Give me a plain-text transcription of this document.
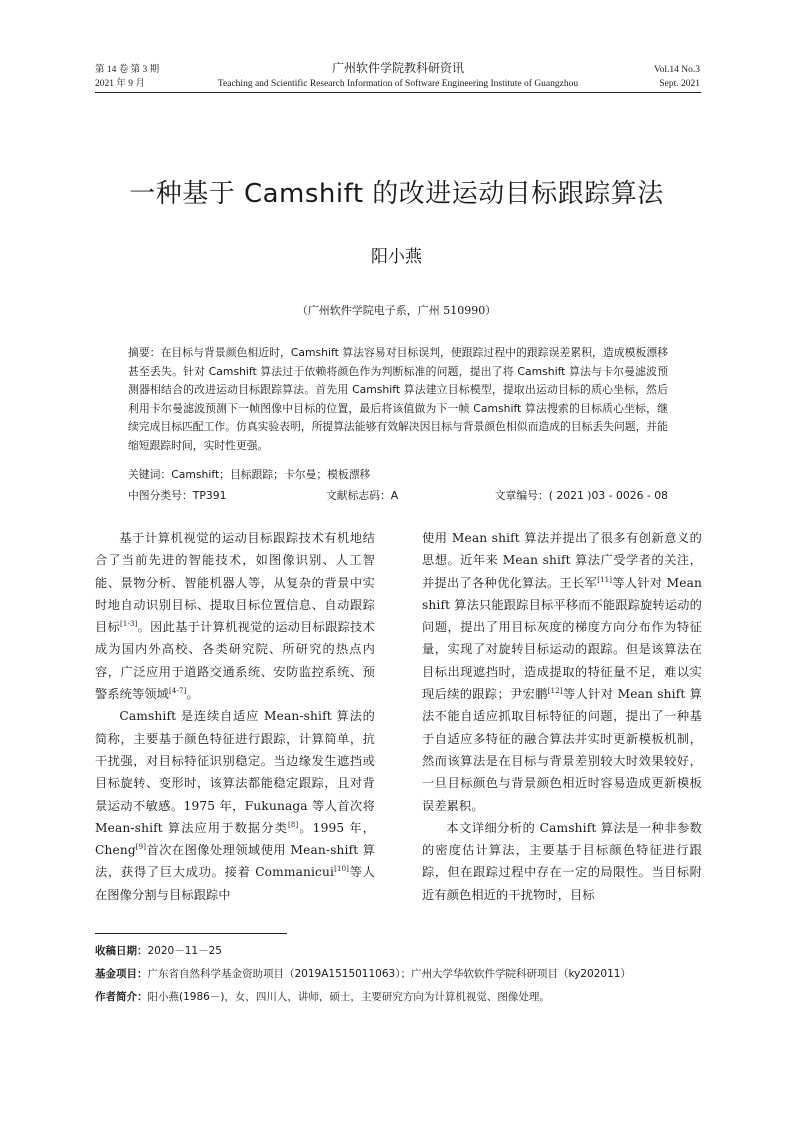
第 14 卷 第 3 期
2021 年 9 月
广州软件学院教科研资讯
Teaching and Scientific Research Information of Software Engineering Institute of Guangzhou
Vol.14 No.3
Sept. 2021
一种基于 Camshift 的改进运动目标跟踪算法
阳小燕
（广州软件学院电子系，广州 510990）
摘要：在目标与背景颜色相近时，Camshift 算法容易对目标误判，使跟踪过程中的跟踪误差累积，造成模板漂移甚至丢失。针对 Camshift 算法过于依赖将颜色作为判断标准的问题，提出了将 Camshift 算法与卡尔曼滤波预测器相结合的改进运动目标跟踪算法。首先用 Camshift 算法建立目标模型，提取出运动目标的质心坐标，然后利用卡尔曼滤波预测下一帧图像中目标的位置，最后将该值做为下一帧 Camshift 算法搜索的目标质心坐标，继续完成目标匹配工作。仿真实验表明，所提算法能够有效解决因目标与背景颜色相似而造成的目标丢失问题，并能缩短跟踪时间，实时性更强。
关键词：Camshift；目标跟踪；卡尔曼；模板漂移
中图分类号：TP391	文献标志码：A	文章编号：( 2021 )03 - 0026 - 08

基于计算机视觉的运动目标跟踪技术有机地结合了当前先进的智能技术，如图像识别、人工智能、景物分析、智能机器人等，从复杂的背景中实时地自动识别目标、提取目标位置信息、自动跟踪目标[1-3]。因此基于计算机视觉的运动目标跟踪技术成为国内外高校、各类研究院、所研究的热点内容，广泛应用于道路交通系统、安防监控系统、预警系统等领域[4-7]。

Camshift 是连续自适应 Mean-shift 算法的简称，主要基于颜色特征进行跟踪，计算简单，抗干扰强，对目标特征识别稳定。当边缘发生遮挡或目标旋转、变形时，该算法都能稳定跟踪，且对背景运动不敏感。1975 年，Fukunaga 等人首次将 Mean-shift 算法应用于数据分类[8]。1995 年，Cheng[9]首次在图像处理领域使用 Mean-shift 算法，获得了巨大成功。接着 Commanicui[10]等人在图像分割与目标跟踪中

使用 Mean shift 算法并提出了很多有创新意义的思想。近年来 Mean shift 算法广受学者的关注，并提出了各种优化算法。王长军[11]等人针对 Mean shift 算法只能跟踪目标平移而不能跟踪旋转运动的问题，提出了用目标灰度的梯度方向分布作为特征量，实现了对旋转目标运动的跟踪。但是该算法在目标出现遮挡时，造成提取的特征量不足，难以实现后续的跟踪；尹宏鹏[12]等人针对 Mean shift 算法不能自适应抓取目标特征的问题，提出了一种基于自适应多特征的融合算法并实时更新模板机制，然而该算法是在目标与背景差别较大时效果较好，一旦目标颜色与背景颜色相近时容易造成更新模板误差累积。

本文详细分析的 Camshift 算法是一种非参数的密度估计算法，主要基于目标颜色特征进行跟踪，但在跟踪过程中存在一定的局限性。当目标附近有颜色相近的干扰物时，目标

收稿日期：2020－11－25
基金项目：广东省自然科学基金资助项目（2019A1515011063）；广州大学华软软件学院科研项目（ky202011）
作者简介：阳小燕(1986－)，女，四川人，讲师，硕士，主要研究方向为计算机视觉、图像处理。
